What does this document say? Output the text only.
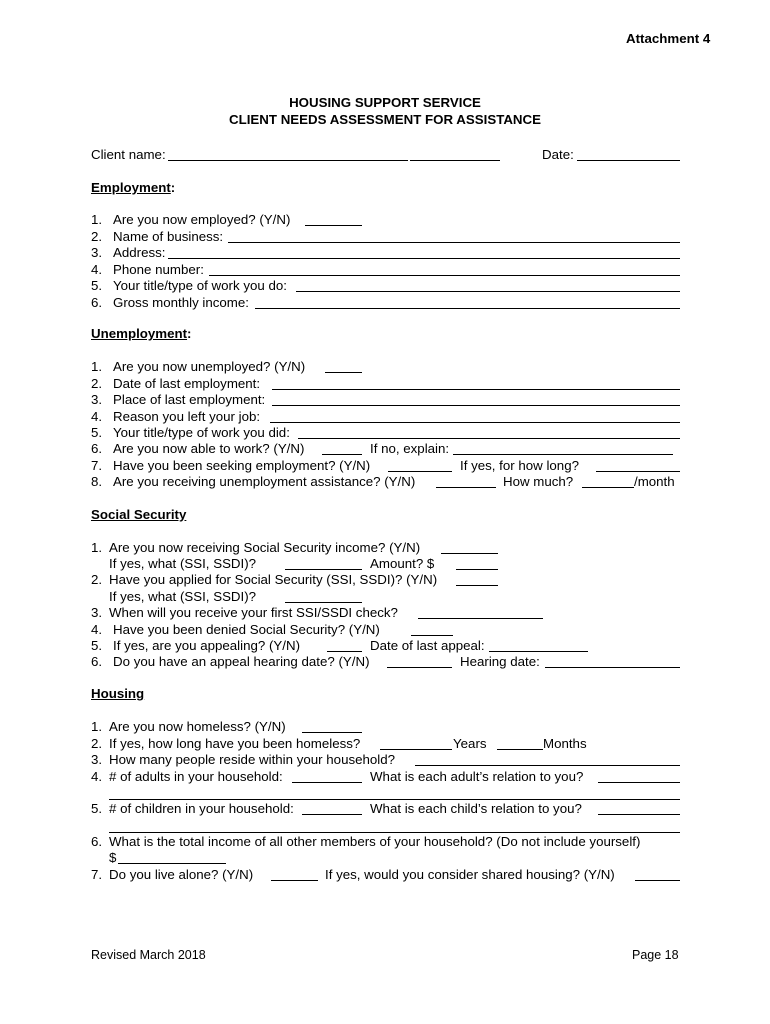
Attachment 4
HOUSING SUPPORT SERVICE
CLIENT NEEDS ASSESSMENT FOR ASSISTANCE
Client name:	Date:
Employment:
1. Are you now employed? (Y/N)
2. Name of business:
3. Address:
4. Phone number:
5. Your title/type of work you do:
6. Gross monthly income:
Unemployment:
1. Are you now unemployed? (Y/N)
2. Date of last employment:
3. Place of last employment:
4. Reason you left your job:
5. Your title/type of work you did:
6. Are you now able to work? (Y/N)	If no, explain:
7. Have you been seeking employment? (Y/N)	If yes, for how long?
8. Are you receiving unemployment assistance? (Y/N)	How much?	/month
Social Security
1. Are you now receiving Social Security income? (Y/N)
If yes, what (SSI, SSDI)?	Amount? $
2. Have you applied for Social Security (SSI, SSDI)? (Y/N)
If yes, what (SSI, SSDI)?
3. When will you receive your first SSI/SSDI check?
4. Have you been denied Social Security? (Y/N)
5. If yes, are you appealing? (Y/N)	Date of last appeal:
6. Do you have an appeal hearing date? (Y/N)	Hearing date:
Housing
1. Are you now homeless? (Y/N)
2. If yes, how long have you been homeless?	Years	Months
3. How many people reside within your household?
4. # of adults in your household:	What is each adult’s relation to you?
5. # of children in your household:	What is each child’s relation to you?
6. What is the total income of all other members of your household? (Do not include yourself)
$
7. Do you live alone? (Y/N)	If yes, would you consider shared housing? (Y/N)
Revised March 2018	Page 18
